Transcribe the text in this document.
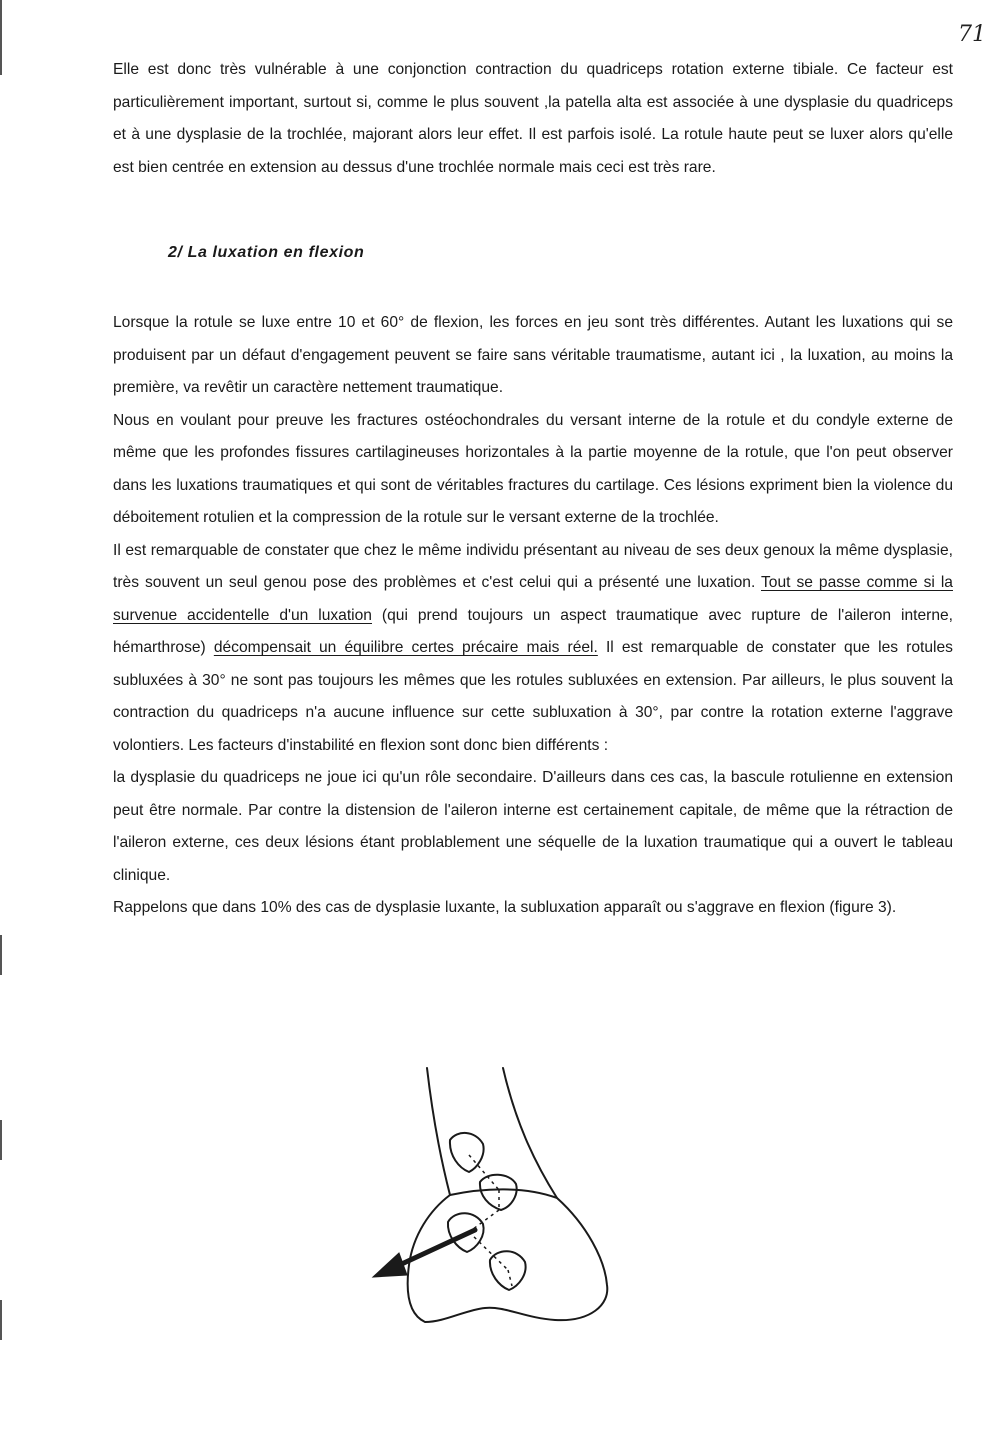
71

Elle est donc très vulnérable à une conjonction contraction du quadriceps rotation externe tibiale. Ce facteur est particulièrement important, surtout si, comme le plus souvent ,la patella alta est associée à une dysplasie du quadriceps et à une dysplasie de la trochlée, majorant alors leur effet. Il est parfois isolé. La rotule haute peut se luxer alors qu'elle est bien centrée en extension au dessus d'une trochlée normale mais ceci est très rare.

2/ La luxation en flexion

Lorsque la rotule se luxe entre 10 et 60° de flexion, les forces en jeu sont très différentes. Autant les luxations qui se produisent par un défaut d'engagement peuvent se faire sans véritable traumatisme, autant ici , la luxation, au moins la première, va revêtir un caractère nettement traumatique.

Nous en voulant pour preuve les fractures ostéochondrales du versant interne de la rotule et du condyle externe de même que les profondes fissures cartilagineuses horizontales à la partie moyenne de la rotule, que l'on peut observer dans les luxations traumatiques et qui sont de véritables fractures du cartilage. Ces lésions expriment bien la violence du déboitement rotulien et la compression de la rotule sur le versant externe de la trochlée.

Il est remarquable de constater que chez le même individu présentant au niveau de ses deux genoux la même dysplasie, très souvent un seul genou pose des problèmes et c'est celui qui a présenté une luxation. Tout se passe comme si la survenue accidentelle d'un luxation (qui prend toujours un aspect traumatique avec rupture de l'aileron interne, hémarthrose) décompensait un équilibre certes précaire mais réel. Il est remarquable de constater que les rotules subluxées à 30° ne sont pas toujours les mêmes que les rotules subluxées en extension. Par ailleurs, le plus souvent la contraction du quadriceps n'a aucune influence sur cette subluxation à 30°, par contre la rotation externe l'aggrave volontiers. Les facteurs d'instabilité en flexion sont donc bien différents :

la dysplasie du quadriceps ne joue ici qu'un rôle secondaire. D'ailleurs dans ces cas, la bascule rotulienne en extension peut être normale. Par contre la distension de l'aileron interne est certainement capitale, de même que la rétraction de l'aileron externe, ces deux lésions étant problablement une séquelle de la luxation traumatique qui a ouvert le tableau clinique.

Rappelons que dans 10% des cas de dysplasie luxante, la subluxation apparaît ou s'aggrave en flexion (figure 3).
